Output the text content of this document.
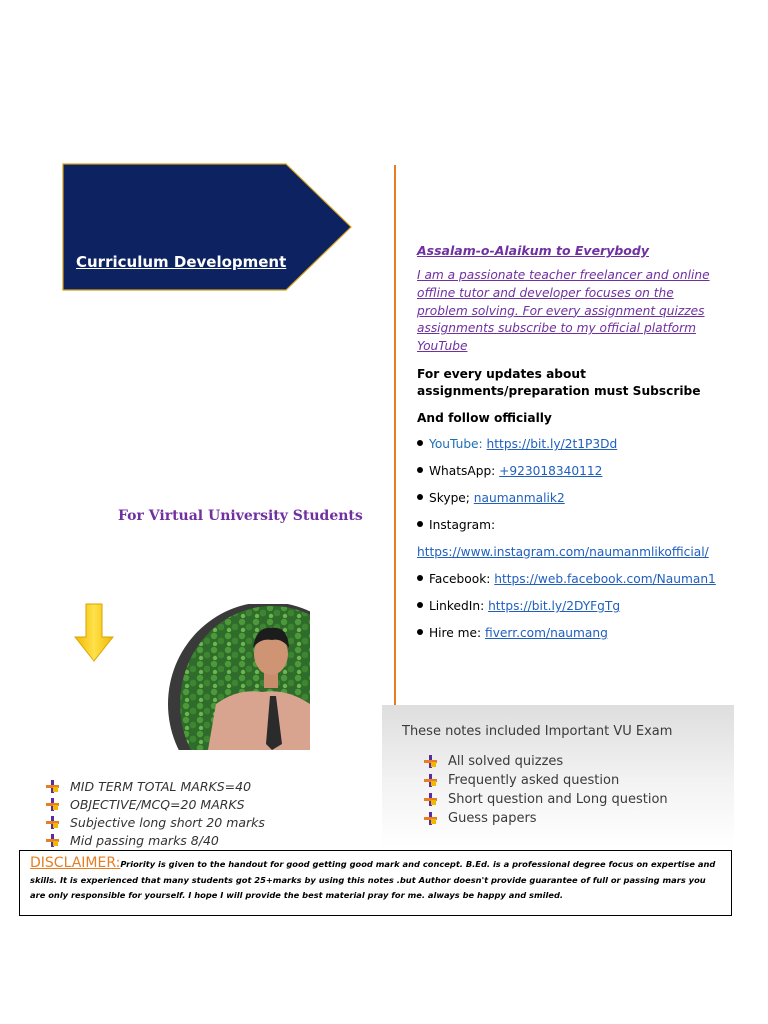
Curriculum Development
For Virtual University Students
MID TERM TOTAL MARKS=40
OBJECTIVE/MCQ=20 MARKS
Subjective long short 20 marks
Mid passing marks 8/40
Assalam-o-Alaikum to Everybody
I am a passionate teacher freelancer and online offline tutor and developer focuses on the problem solving. For every assignment quizzes assignments subscribe to my official platform YouTube
For every updates about assignments/preparation must Subscribe
And follow officially
YouTube: https://bit.ly/2t1P3Dd
WhatsApp: +923018340112
Skype; naumanmalik2
Instagram:
https://www.instagram.com/naumanmlikofficial/
Facebook: https://web.facebook.com/Nauman1
LinkedIn: https://bit.ly/2DYFgTg
Hire me: fiverr.com/naumang
These notes included Important VU Exam
All solved quizzes
Frequently asked question
Short question and Long question
Guess papers
DISCLAIMER:Priority is given to the handout for good getting good mark and concept. B.Ed. is a professional degree focus on expertise and skills. It is experienced that many students got 25+marks by using this notes .but Author doesn't provide guarantee of full or passing mars you are only responsible for yourself. I hope I will provide the best material pray for me. always be happy and smiled.
